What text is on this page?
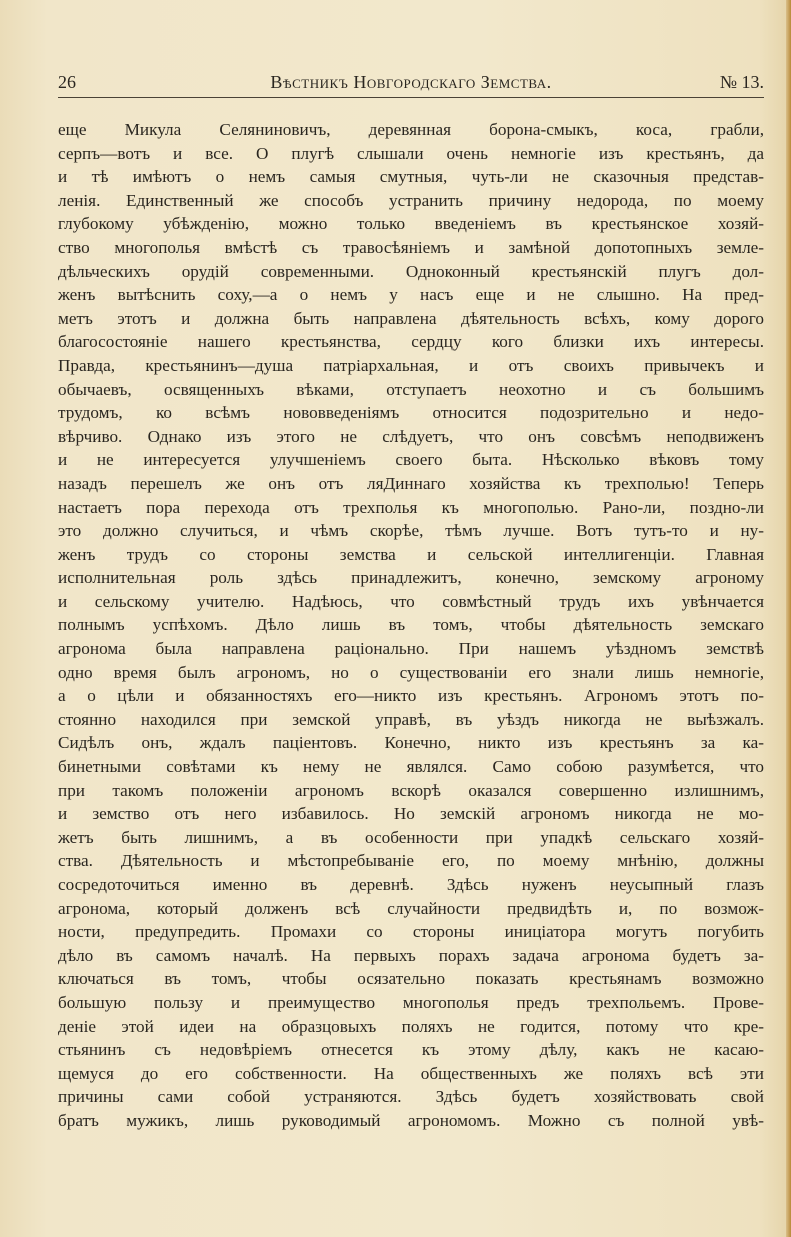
26	Вѣстникъ Новгородскаго Земства.	№ 13.
еще Микула Селяниновичъ, деревянная борона-смыкъ, коса, грабли,
серпъ—вотъ и все. О плугѣ слышали очень немногіе изъ крестьянъ, да
и тѣ имѣютъ о немъ самыя смутныя, чуть-ли не сказочныя представ-
ленія. Единственный же способъ устранить причину недорода, по моему
глубокому убѣжденію, можно только введеніемъ въ крестьянское хозяй-
ство многополья вмѣстѣ съ травосѣяніемъ и замѣной допотопныхъ земле-
дѣльческихъ орудій современными. Одноконный крестьянскій плугъ дол-
женъ вытѣснить соху,—а о немъ у насъ еще и не слышно. На пред-
метъ этотъ и должна быть направлена дѣятельность всѣхъ, кому дорого
благосостояніе нашего крестьянства, сердцу кого близки ихъ интересы.
Правда, крестьянинъ—душа патріархальная, и отъ своихъ привычекъ и
обычаевъ, освященныхъ вѣками, отступаетъ неохотно и съ большимъ
трудомъ, ко всѣмъ нововведеніямъ относится подозрительно и недо-
вѣрчиво. Однако изъ этого не слѣдуетъ, что онъ совсѣмъ неподвиженъ
и не интересуется улучшеніемъ своего быта. Нѣсколько вѣковъ тому
назадъ перешелъ же онъ отъ ляДиннаго хозяйства къ трехполью! Теперь
настаетъ пора перехода отъ трехполья къ многополью. Рано-ли, поздно-ли
это должно случиться, и чѣмъ скорѣе, тѣмъ лучше. Вотъ тутъ-то и ну-
женъ трудъ со стороны земства и сельской интеллигенціи. Главная
исполнительная роль здѣсь принадлежитъ, конечно, земскому агроному
и сельскому учителю. Надѣюсь, что совмѣстный трудъ ихъ увѣнчается
полнымъ успѣхомъ. Дѣло лишь въ томъ, чтобы дѣятельность земскаго
агронома была направлена раціонально. При нашемъ уѣздномъ земствѣ
одно время былъ агрономъ, но о существованіи его знали лишь немногіе,
а о цѣли и обязанностяхъ его—никто изъ крестьянъ. Агрономъ этотъ по-
стоянно находился при земской управѣ, въ уѣздъ никогда не выѣзжалъ.
Сидѣлъ онъ, ждалъ паціентовъ. Конечно, никто изъ крестьянъ за ка-
бинетными совѣтами къ нему не являлся. Само собою разумѣется, что
при такомъ положеніи агрономъ вскорѣ оказался совершенно излишнимъ,
и земство отъ него избавилось. Но земскій агрономъ никогда не мо-
жетъ быть лишнимъ, а въ особенности при упадкѣ сельскаго хозяй-
ства. Дѣятельность и мѣстопребываніе его, по моему мнѣнію, должны
сосредоточиться именно въ деревнѣ. Здѣсь нуженъ неусыпный глазъ
агронома, который долженъ всѣ случайности предвидѣть и, по возмож-
ности, предупредить. Промахи со стороны иниціатора могутъ погубить
дѣло въ самомъ началѣ. На первыхъ порахъ задача агронома будетъ за-
ключаться въ томъ, чтобы осязательно показать крестьянамъ возможно
большую пользу и преимущество многополья предъ трехпольемъ. Прове-
деніе этой идеи на образцовыхъ поляхъ не годится, потому что кре-
стьянинъ съ недовѣріемъ отнесется къ этому дѣлу, какъ не касаю-
щемуся до его собственности. На общественныхъ же поляхъ всѣ эти
причины сами собой устраняются. Здѣсь будетъ хозяйствовать свой
братъ мужикъ, лишь руководимый агрономомъ. Можно съ полной увѣ-
